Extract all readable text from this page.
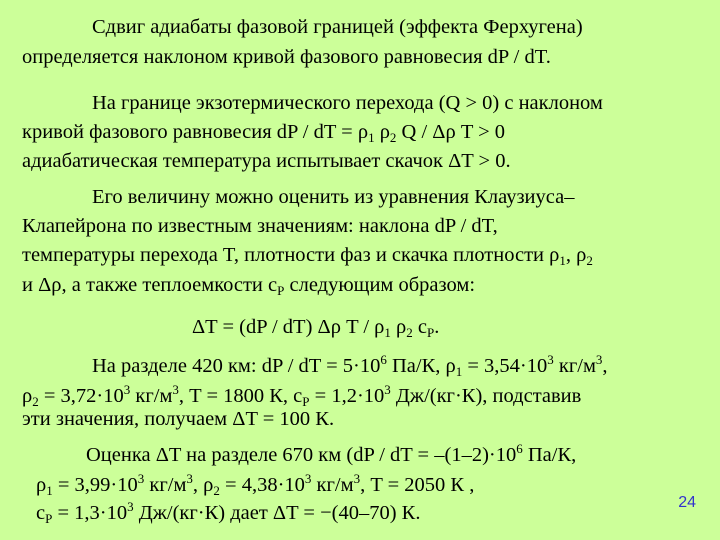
Сдвиг адиабаты фазовой границей (эффекта Ферхугена)
определяется наклоном кривой фазового равновесия dP / dT.
На границе экзотермического перехода (Q > 0) с наклоном
кривой фазового равновесия dP / dT = ρ1 ρ2 Q / Δρ T > 0
адиабатическая температура испытывает скачок ΔT > 0.
Его величину можно оценить из уравнения Клаузиуса–
Клапейрона по известным значениям: наклона dP / dT,
температуры перехода T, плотности фаз и скачка плотности ρ1, ρ2
и Δρ, а также теплоемкости cP следующим образом:
ΔT = (dP / dT) Δρ T / ρ1 ρ2 cP.
На разделе 420 км: dP / dT = $5\cdot 10^6$ Па/К, $\rho 1 = 3,54\cdot 10^3$ $кг/м^3$,
$\rho 2 = 3,72\cdot 10^3$ $кг/м^3$, T = 1800 К, cP = $1,2\cdot 10^3$ Дж/(кг·К), подставив
эти значения, получаем ΔT = 100 К.
Оценка ΔT на разделе 670 км (dP / dT = $-(1-2)\cdot 10^6$ Па/К,
$\rho 1 = 3,99\cdot 10^3$ $кг/м^3$, $\rho 2 = 4,38\cdot 10^3$ $кг/м^3$, T = 2050 К ,
cP = $1,3\cdot 10^3$ Дж/(кг·К) дает ΔT = −(40–70) К.	24
